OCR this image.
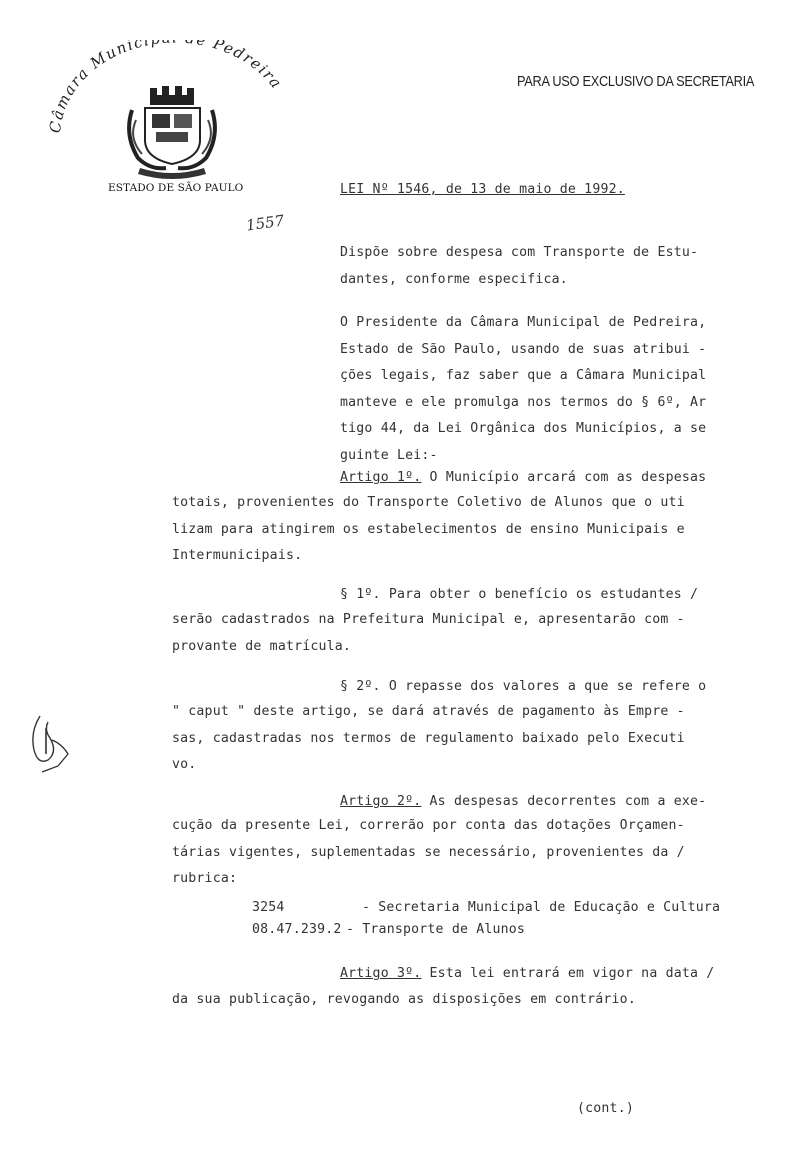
Câmara Munici e Pedreira
ESTADO DE SÃO PAULO
PARA USO EXCLUSIVO DA SECRETARIA
1557
LEI Nº 1546, de 13 de maio de 1992.
Dispõe sobre despesa com Transporte de Estu-
dantes, conforme especifica.
O Presidente da Câmara Municipal de Pedreira,
Estado de São Paulo, usando de suas atribui -
ções legais, faz saber que a Câmara Municipal
manteve e ele promulga nos termos do § 6º, Ar
tigo 44, da Lei Orgânica dos Municípios, a se
guinte Lei:-
Artigo 1º. O Município arcará com as despesas
totais, provenientes do Transporte Coletivo de Alunos que o uti
lizam para atingirem os estabelecimentos de ensino Municipais e
Intermunicipais.
§ 1º. Para obter o benefício os estudantes /
serão cadastrados na Prefeitura Municipal e, apresentarão com -
provante de matrícula.
§ 2º. O repasse dos valores a que se refere o
" caput " deste artigo, se dará através de pagamento às Empre -
sas, cadastradas nos termos de regulamento baixado pelo Executi
vo.
Artigo 2º. As despesas decorrentes com a exe-
cução da presente Lei, correrão por conta das dotações Orçamen-
tárias vigentes, suplementadas se necessário, provenientes da /
rubrica:
3254	- Secretaria Municipal de Educação e Cultura
08.47.239.2 - Transporte de Alunos
Artigo 3º. Esta lei entrará em vigor na data /
da sua publicação, revogando as disposições em contrário.
(cont.)
